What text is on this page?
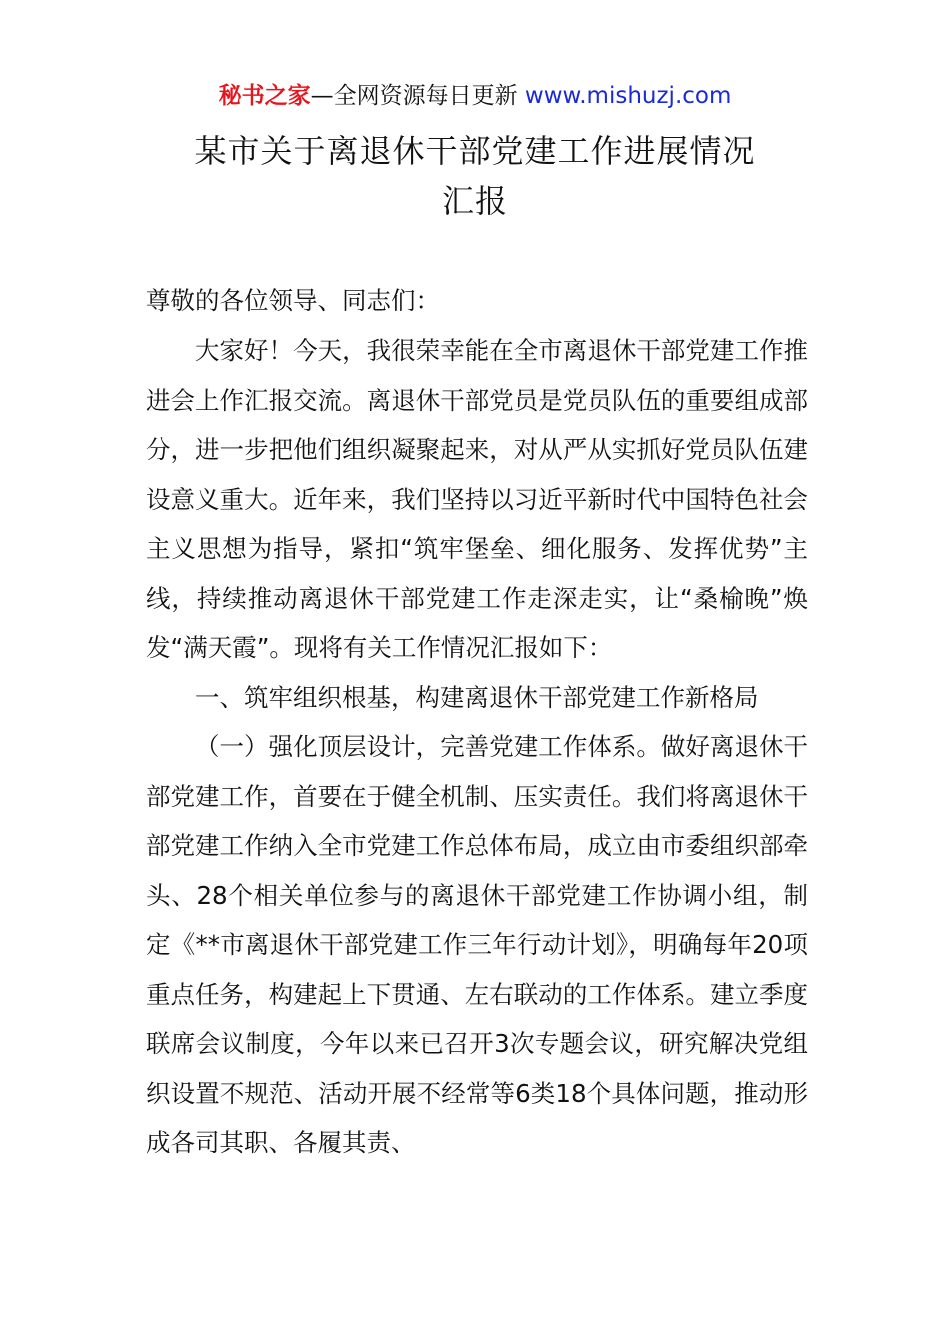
秘书之家—全网资源每日更新 www.mishuzj.com
某市关于离退休干部党建工作进展情况
汇报
尊敬的各位领导、同志们：

大家好！今天，我很荣幸能在全市离退休干部党建工作推进会上作汇报交流。离退休干部党员是党员队伍的重要组成部分，进一步把他们组织凝聚起来，对从严从实抓好党员队伍建设意义重大。近年来，我们坚持以习近平新时代中国特色社会主义思想为指导，紧扣“筑牢堡垒、细化服务、发挥优势”主线，持续推动离退休干部党建工作走深走实，让“桑榆晚”焕发“满天霞”。现将有关工作情况汇报如下：

一、筑牢组织根基，构建离退休干部党建工作新格局

（一）强化顶层设计，完善党建工作体系。做好离退休干部党建工作，首要在于健全机制、压实责任。我们将离退休干部党建工作纳入全市党建工作总体布局，成立由市委组织部牵头、28个相关单位参与的离退休干部党建工作协调小组，制定《**市离退休干部党建工作三年行动计划》，明确每年20项重点任务，构建起上下贯通、左右联动的工作体系。建立季度联席会议制度，今年以来已召开3次专题会议，研究解决党组织设置不规范、活动开展不经常等6类18个具体问题，推动形成各司其职、各履其责、
